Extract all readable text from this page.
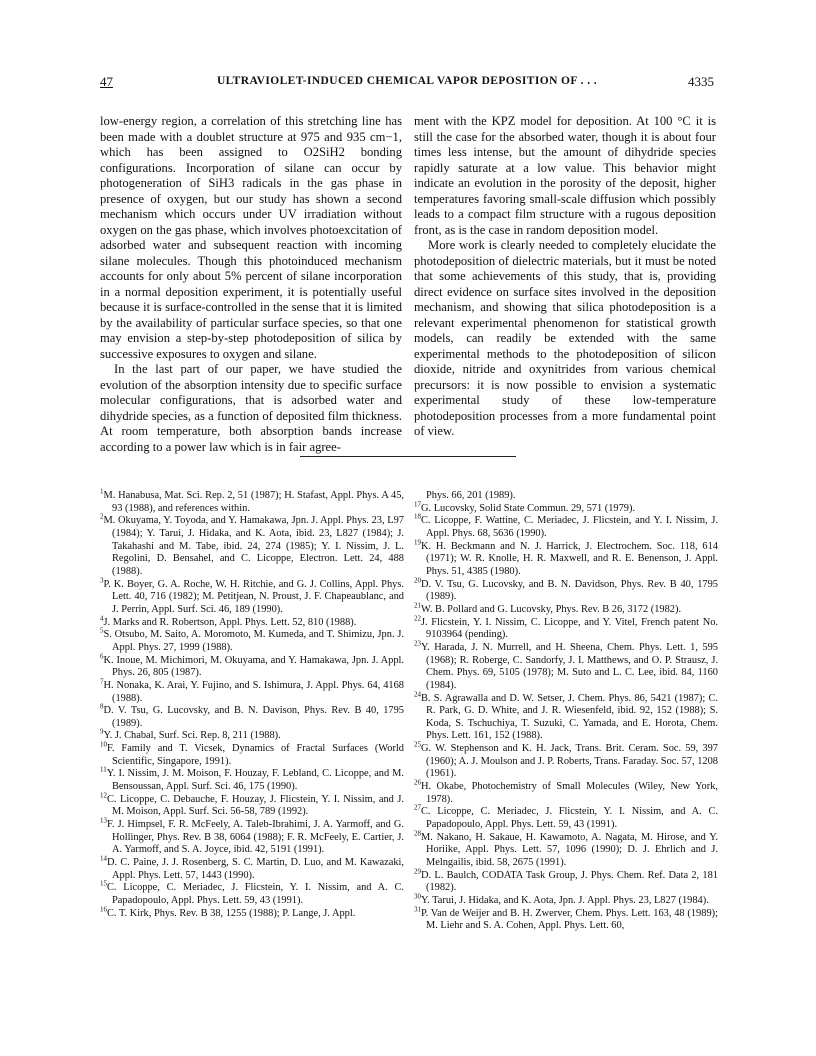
47	ULTRAVIOLET-INDUCED CHEMICAL VAPOR DEPOSITION OF . . .	4335

low-energy region, a correlation of this stretching line has been made with a doublet structure at 975 and 935 cm−1, which has been assigned to O2SiH2 bonding configurations. Incorporation of silane can occur by photogeneration of SiH3 radicals in the gas phase in presence of oxygen, but our study has shown a second mechanism which occurs under UV irradiation without oxygen on the gas phase, which involves photoexcitation of adsorbed water and subsequent reaction with incoming silane molecules. Though this photoinduced mechanism accounts for only about 5% percent of silane incorporation in a normal deposition experiment, it is potentially useful because it is surface-controlled in the sense that it is limited by the availability of particular surface species, so that one may envision a step-by-step photodeposition of silica by successive exposures to oxygen and silane.

In the last part of our paper, we have studied the evolution of the absorption intensity due to specific surface molecular configurations, that is adsorbed water and dihydride species, as a function of deposited film thickness. At room temperature, both absorption bands increase according to a power law which is in fair agree-

ment with the KPZ model for deposition. At 100 °C it is still the case for the absorbed water, though it is about four times less intense, but the amount of dihydride species rapidly saturate at a low value. This behavior might indicate an evolution in the porosity of the deposit, higher temperatures favoring small-scale diffusion which possibly leads to a compact film structure with a rugous deposition front, as is the case in random deposition model.

More work is clearly needed to completely elucidate the photodeposition of dielectric materials, but it must be noted that some achievements of this study, that is, providing direct evidence on surface sites involved in the deposition mechanism, and showing that silica photodeposition is a relevant experimental phenomenon for statistical growth models, can readily be extended with the same experimental methods to the photodeposition of silicon dioxide, nitride and oxynitrides from various chemical precursors: it is now possible to envision a systematic experimental study of these low-temperature photodeposition processes from a more fundamental point of view.

$^1$M. Hanabusa, Mat. Sci. Rep. 2, 51 (1987); H. Stafast, Appl. Phys. A 45, 93 (1988), and references within.

$^2$M. Okuyama, Y. Toyoda, and Y. Hamakawa, Jpn. J. Appl. Phys. 23, L97 (1984); Y. Tarui, J. Hidaka, and K. Aota, ibid. 23, L827 (1984); J. Takahashi and M. Tabe, ibid. 24, 274 (1985); Y. I. Nissim, J. L. Regolini, D. Bensahel, and C. Licoppe, Electron. Lett. 24, 488 (1988).

$^3$P. K. Boyer, G. A. Roche, W. H. Ritchie, and G. J. Collins, Appl. Phys. Lett. 40, 716 (1982); M. Petitjean, N. Proust, J. F. Chapeaublanc, and J. Perrin, Appl. Surf. Sci. 46, 189 (1990).

$^4$J. Marks and R. Robertson, Appl. Phys. Lett. 52, 810 (1988).

$^5$S. Otsubo, M. Saito, A. Moromoto, M. Kumeda, and T. Shimizu, Jpn. J. Appl. Phys. 27, 1999 (1988).

$^6$K. Inoue, M. Michimori, M. Okuyama, and Y. Hamakawa, Jpn. J. Appl. Phys. 26, 805 (1987).

$^7$H. Nonaka, K. Arai, Y. Fujino, and S. Ishimura, J. Appl. Phys. 64, 4168 (1988).

$^8$D. V. Tsu, G. Lucovsky, and B. N. Davison, Phys. Rev. B 40, 1795 (1989).

$^9$Y. J. Chabal, Surf. Sci. Rep. 8, 211 (1988).

$^{10}$F. Family and T. Vicsek, Dynamics of Fractal Surfaces (World Scientific, Singapore, 1991).

$^{11}$Y. I. Nissim, J. M. Moison, F. Houzay, F. Lebland, C. Licoppe, and M. Bensoussan, Appl. Surf. Sci. 46, 175 (1990).

$^{12}$C. Licoppe, C. Debauche, F. Houzay, J. Flicstein, Y. I. Nissim, and J. M. Moison, Appl. Surf. Sci. 56-58, 789 (1992).

$^{13}$F. J. Himpsel, F. R. McFeely, A. Taleb-Ibrahimi, J. A. Yarmoff, and G. Hollinger, Phys. Rev. B 38, 6064 (1988); F. R. McFeely, E. Cartier, J. A. Yarmoff, and S. A. Joyce, ibid. 42, 5191 (1991).

$^{14}$D. C. Paine, J. J. Rosenberg, S. C. Martin, D. Luo, and M. Kawazaki, Appl. Phys. Lett. 57, 1443 (1990).

$^{15}$C. Licoppe, C. Meriadec, J. Flicstein, Y. I. Nissim, and A. C. Papadopoulo, Appl. Phys. Lett. 59, 43 (1991).

$^{16}$C. T. Kirk, Phys. Rev. B 38, 1255 (1988); P. Lange, J. Appl.

Phys. 66, 201 (1989).

$^{17}$G. Lucovsky, Solid State Commun. 29, 571 (1979).

$^{18}$C. Licoppe, F. Wattine, C. Meriadec, J. Flicstein, and Y. I. Nissim, J. Appl. Phys. 68, 5636 (1990).

$^{19}$K. H. Beckmann and N. J. Harrick, J. Electrochem. Soc. 118, 614 (1971); W. R. Knolle, H. R. Maxwell, and R. E. Benenson, J. Appl. Phys. 51, 4385 (1980).

$^{20}$D. V. Tsu, G. Lucovsky, and B. N. Davidson, Phys. Rev. B 40, 1795 (1989).

$^{21}$W. B. Pollard and G. Lucovsky, Phys. Rev. B 26, 3172 (1982).

$^{22}$J. Flicstein, Y. I. Nissim, C. Licoppe, and Y. Vitel, French patent No. 9103964 (pending).

$^{23}$Y. Harada, J. N. Murrell, and H. Sheena, Chem. Phys. Lett. 1, 595 (1968); R. Roberge, C. Sandorfy, J. I. Matthews, and O. P. Strausz, J. Chem. Phys. 69, 5105 (1978); M. Suto and L. C. Lee, ibid. 84, 1160 (1984).

$^{24}$B. S. Agrawalla and D. W. Setser, J. Chem. Phys. 86, 5421 (1987); C. R. Park, G. D. White, and J. R. Wiesenfeld, ibid. 92, 152 (1988); S. Koda, S. Tschuchiya, T. Suzuki, C. Yamada, and E. Horota, Chem. Phys. Lett. 161, 152 (1988).

$^{25}$G. W. Stephenson and K. H. Jack, Trans. Brit. Ceram. Soc. 59, 397 (1960); A. J. Moulson and J. P. Roberts, Trans. Faraday. Soc. 57, 1208 (1961).

$^{26}$H. Okabe, Photochemistry of Small Molecules (Wiley, New York, 1978).

$^{27}$C. Licoppe, C. Meriadec, J. Flicstein, Y. I. Nissim, and A. C. Papadopoulo, Appl. Phys. Lett. 59, 43 (1991).

$^{28}$M. Nakano, H. Sakaue, H. Kawamoto, A. Nagata, M. Hirose, and Y. Horiike, Appl. Phys. Lett. 57, 1096 (1990); D. J. Ehrlich and J. Melngailis, ibid. 58, 2675 (1991).

$^{29}$D. L. Baulch, CODATA Task Group, J. Phys. Chem. Ref. Data 2, 181 (1982).

$^{30}$Y. Tarui, J. Hidaka, and K. Aota, Jpn. J. Appl. Phys. 23, L827 (1984).

$^{31}$P. Van de Weijer and B. H. Zwerver, Chem. Phys. Lett. 163, 48 (1989); M. Liehr and S. A. Cohen, Appl. Phys. Lett. 60,
